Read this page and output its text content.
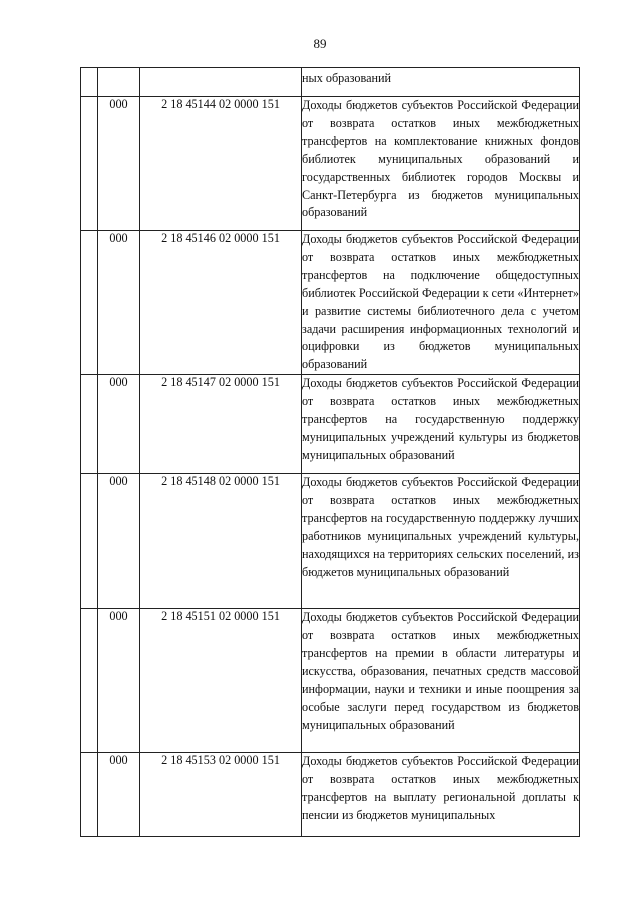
89

			ных образований

	000	2 18 45144 02 0000 151	Доходы бюджетов субъектов Российской Федерации от возврата остатков иных межбюджетных трансфертов на комплектование книжных фондов библиотек муниципальных образований и государственных библиотек городов Москвы и Санкт-Петербурга из бюджетов муниципальных образований

	000	2 18 45146 02 0000 151	Доходы бюджетов субъектов Российской Федерации от возврата остатков иных межбюджетных трансфертов на подключение общедоступных библиотек Российской Федерации к сети «Интернет» и развитие системы библиотечного дела с учетом задачи расширения информационных технологий и оцифровки из бюджетов муниципальных образований

	000	2 18 45147 02 0000 151	Доходы бюджетов субъектов Российской Федерации от возврата остатков иных межбюджетных трансфертов на государственную поддержку муниципальных учреждений культуры из бюджетов муниципальных образований

	000	2 18 45148 02 0000 151	Доходы бюджетов субъектов Российской Федерации от возврата остатков иных межбюджетных трансфертов на государственную поддержку лучших работников муниципальных учреждений культуры, находящихся на территориях сельских поселений, из бюджетов муниципальных образований

	000	2 18 45151 02 0000 151	Доходы бюджетов субъектов Российской Федерации от возврата остатков иных межбюджетных трансфертов на премии в области литературы и искусства, образования, печатных средств массовой информации, науки и техники и иные поощрения за особые заслуги перед государством из бюджетов муниципальных образований

	000	2 18 45153 02 0000 151	Доходы бюджетов субъектов Российской Федерации от возврата остатков иных межбюджетных трансфертов на выплату региональной доплаты к пенсии из бюджетов муниципальных
